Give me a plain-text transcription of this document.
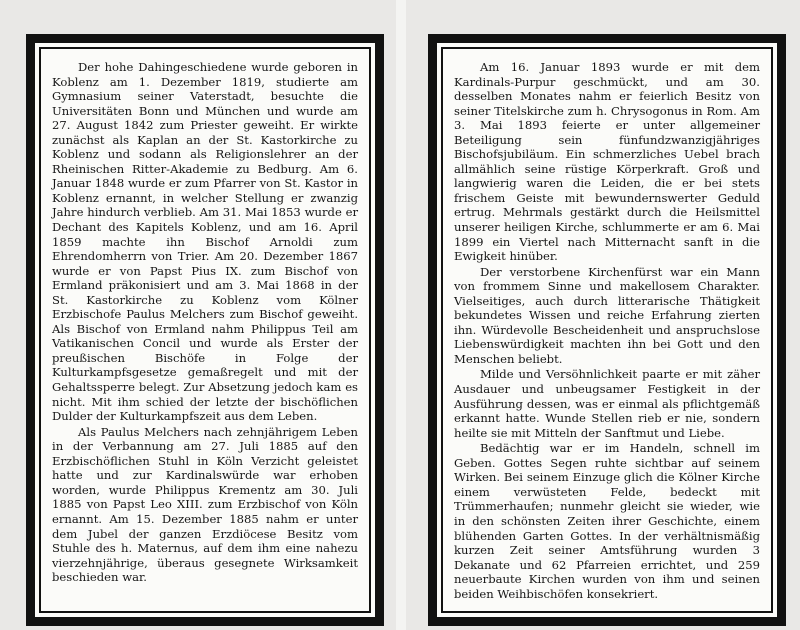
Der hohe Dahingeschiedene wurde geboren in Koblenz am 1. Dezember 1819, studierte am Gymnasium seiner Vaterstadt, besuchte die Universitäten Bonn und München und wurde am 27. August 1842 zum Priester geweiht. Er wirkte zunächst als Kaplan an der St. Kastorkirche zu Koblenz und sodann als Religionslehrer an der Rheinischen Ritter-Akademie zu Bedburg. Am 6. Januar 1848 wurde er zum Pfarrer von St. Kastor in Koblenz ernannt, in welcher Stellung er zwanzig Jahre hindurch verblieb. Am 31. Mai 1853 wurde er Dechant des Kapitels Koblenz, und am 16. April 1859 machte ihn Bischof Arnoldi zum Ehrendomherrn von Trier. Am 20. Dezember 1867 wurde er von Papst Pius IX. zum Bischof von Ermland präkonisiert und am 3. Mai 1868 in der St. Kastorkirche zu Koblenz vom Kölner Erzbischofe Paulus Melchers zum Bischof geweiht. Als Bischof von Ermland nahm Philippus Teil am Vatikanischen Concil und wurde als Erster der preußischen Bischöfe in Folge der Kulturkampfsgesetze gemaßregelt und mit der Gehaltssperre belegt. Zur Absetzung jedoch kam es nicht. Mit ihm schied der letzte der bischöflichen Dulder der Kulturkampfszeit aus dem Leben.

Als Paulus Melchers nach zehnjährigem Leben in der Verbannung am 27. Juli 1885 auf den Erzbischöflichen Stuhl in Köln Verzicht geleistet hatte und zur Kardinalswürde war erhoben worden, wurde Philippus Krementz am 30. Juli 1885 von Papst Leo XIII. zum Erzbischof von Köln ernannt. Am 15. Dezember 1885 nahm er unter dem Jubel der ganzen Erzdiöcese Besitz vom Stuhle des h. Maternus, auf dem ihm eine nahezu vierzehnjährige, überaus gesegnete Wirksamkeit beschieden war.

Am 16. Januar 1893 wurde er mit dem Kardinals-Purpur geschmückt, und am 30. desselben Monates nahm er feierlich Besitz von seiner Titelskirche zum h. Chrysogonus in Rom. Am 3. Mai 1893 feierte er unter allgemeiner Beteiligung sein fünfundzwanzigjähriges Bischofsjubiläum. Ein schmerzliches Uebel brach allmählich seine rüstige Körperkraft. Groß und langwierig waren die Leiden, die er bei stets frischem Geiste mit bewundernswerter Geduld ertrug. Mehrmals gestärkt durch die Heilsmittel unserer heiligen Kirche, schlummerte er am 6. Mai 1899 ein Viertel nach Mitternacht sanft in die Ewigkeit hinüber.

Der verstorbene Kirchenfürst war ein Mann von frommem Sinne und makellosem Charakter. Vielseitiges, auch durch litterarische Thätigkeit bekundetes Wissen und reiche Erfahrung zierten ihn. Würdevolle Bescheidenheit und anspruchslose Liebenswürdigkeit machten ihn bei Gott und den Menschen beliebt.

Milde und Versöhnlichkeit paarte er mit zäher Ausdauer und unbeugsamer Festigkeit in der Ausführung dessen, was er einmal als pflichtgemäß erkannt hatte. Wunde Stellen rieb er nie, sondern heilte sie mit Mitteln der Sanftmut und Liebe.

Bedächtig war er im Handeln, schnell im Geben. Gottes Segen ruhte sichtbar auf seinem Wirken. Bei seinem Einzuge glich die Kölner Kirche einem verwüsteten Felde, bedeckt mit Trümmerhaufen; nunmehr gleicht sie wieder, wie in den schönsten Zeiten ihrer Geschichte, einem blühenden Garten Gottes. In der verhältnismäßig kurzen Zeit seiner Amtsführung wurden 3 Dekanate und 62 Pfarreien errichtet, und 259 neuerbaute Kirchen wurden von ihm und seinen beiden Weihbischöfen konsekriert.
